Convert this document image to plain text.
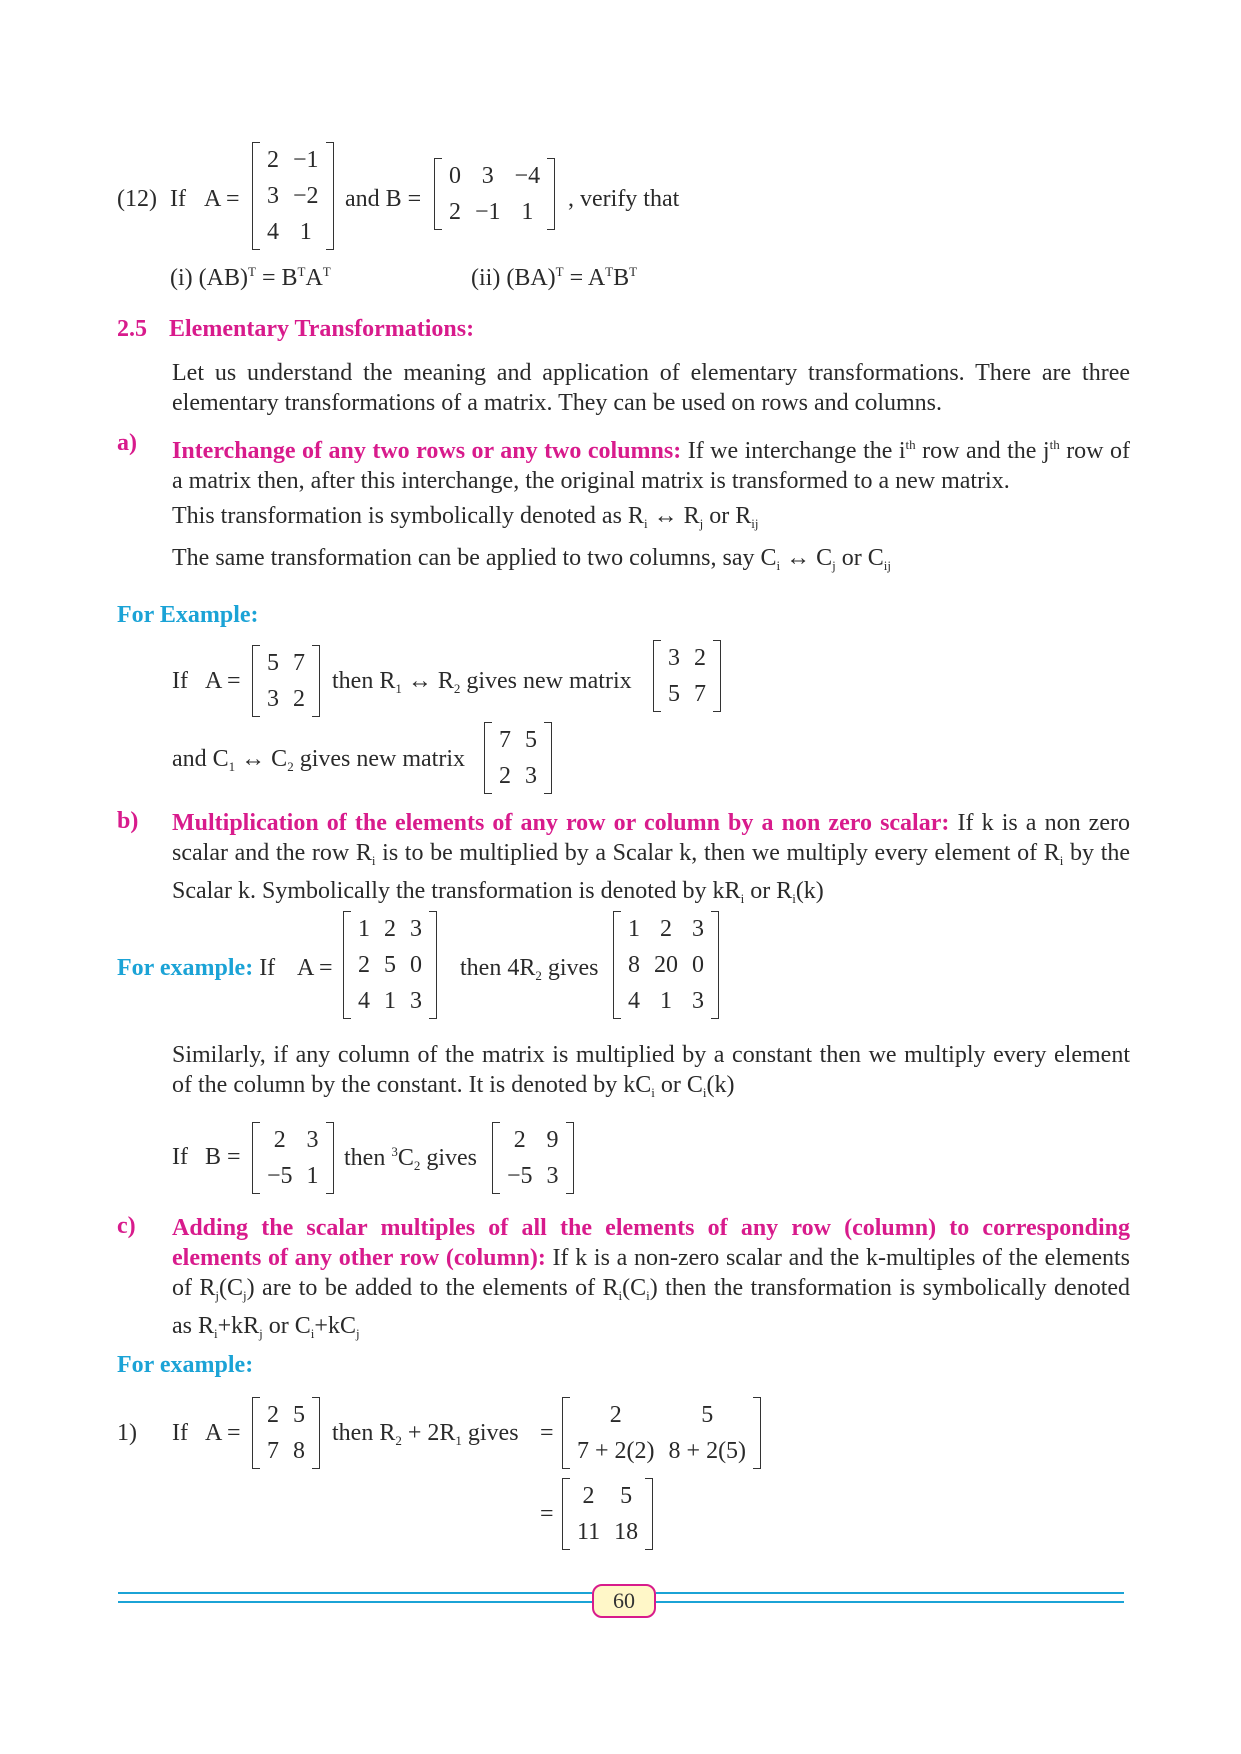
(12) If A =
2	−1
3	−2
4	1
and B =
0	3	−4
2	−1	1 , verify that
(i) $(AB)^T = B^TA^T$	(ii) $(BA)^T = A^TB^T$
2.5 Elementary Transformations:
Let us understand the meaning and application of elementary transformations. There are three elementary transformations of a matrix. They can be used on rows and columns.
a) Interchange of any two rows or any two columns: If we interchange the $i^{th}$ row and the $j^{th}$ row of a matrix then, after this interchange, the original matrix is transformed to a new matrix.
This transformation is symbolically denoted as $R_i$ ↔ $R_j$ or $R_{ij}$
The same transformation can be applied to two columns, say $C_i$ ↔ $C_j$ or $C_{ij}$
For Example:
If A =
5	7
3	2
then $R_1$ ↔ $R_2$ gives new matrix
3	2
5	7
and $C_1$ ↔ $C_2$ gives new matrix
7	5
2	3
b) Multiplication of the elements of any row or column by a non zero scalar: If k is a non zero scalar and the row $R_i$ is to be multiplied by a Scalar k, then we multiply every element of $R_i$ by the Scalar k. Symbolically the transformation is denoted by $kR_i$ or $R_i(k)$
For example: If A =
1	2	3
2	5	0
4	1	3
then $4R_2$ gives
1	2	3
8	20	0
4	1	3
Similarly, if any column of the matrix is multiplied by a constant then we multiply every element of the column by the constant. It is denoted by $kC_i$ or $C_i(k)$
If B =
2	3
−5	1
then $^3C_2$ gives
2	9
−5	3
c) Adding the scalar multiples of all the elements of any row (column) to corresponding elements of any other row (column): If k is a non-zero scalar and the k-multiples of the elements of $R_j(C_j)$ are to be added to the elements of $R_i(C_i)$ then the transformation is symbolically denoted as $R_i+kR_j$ or $C_i+kC_j$
For example:
1) If A =
2	5
7	8
then $R_2 + 2R_1$ gives =
2	5
7 + 2(2)	8 + 2(5)
=
2	5
11	18
60
